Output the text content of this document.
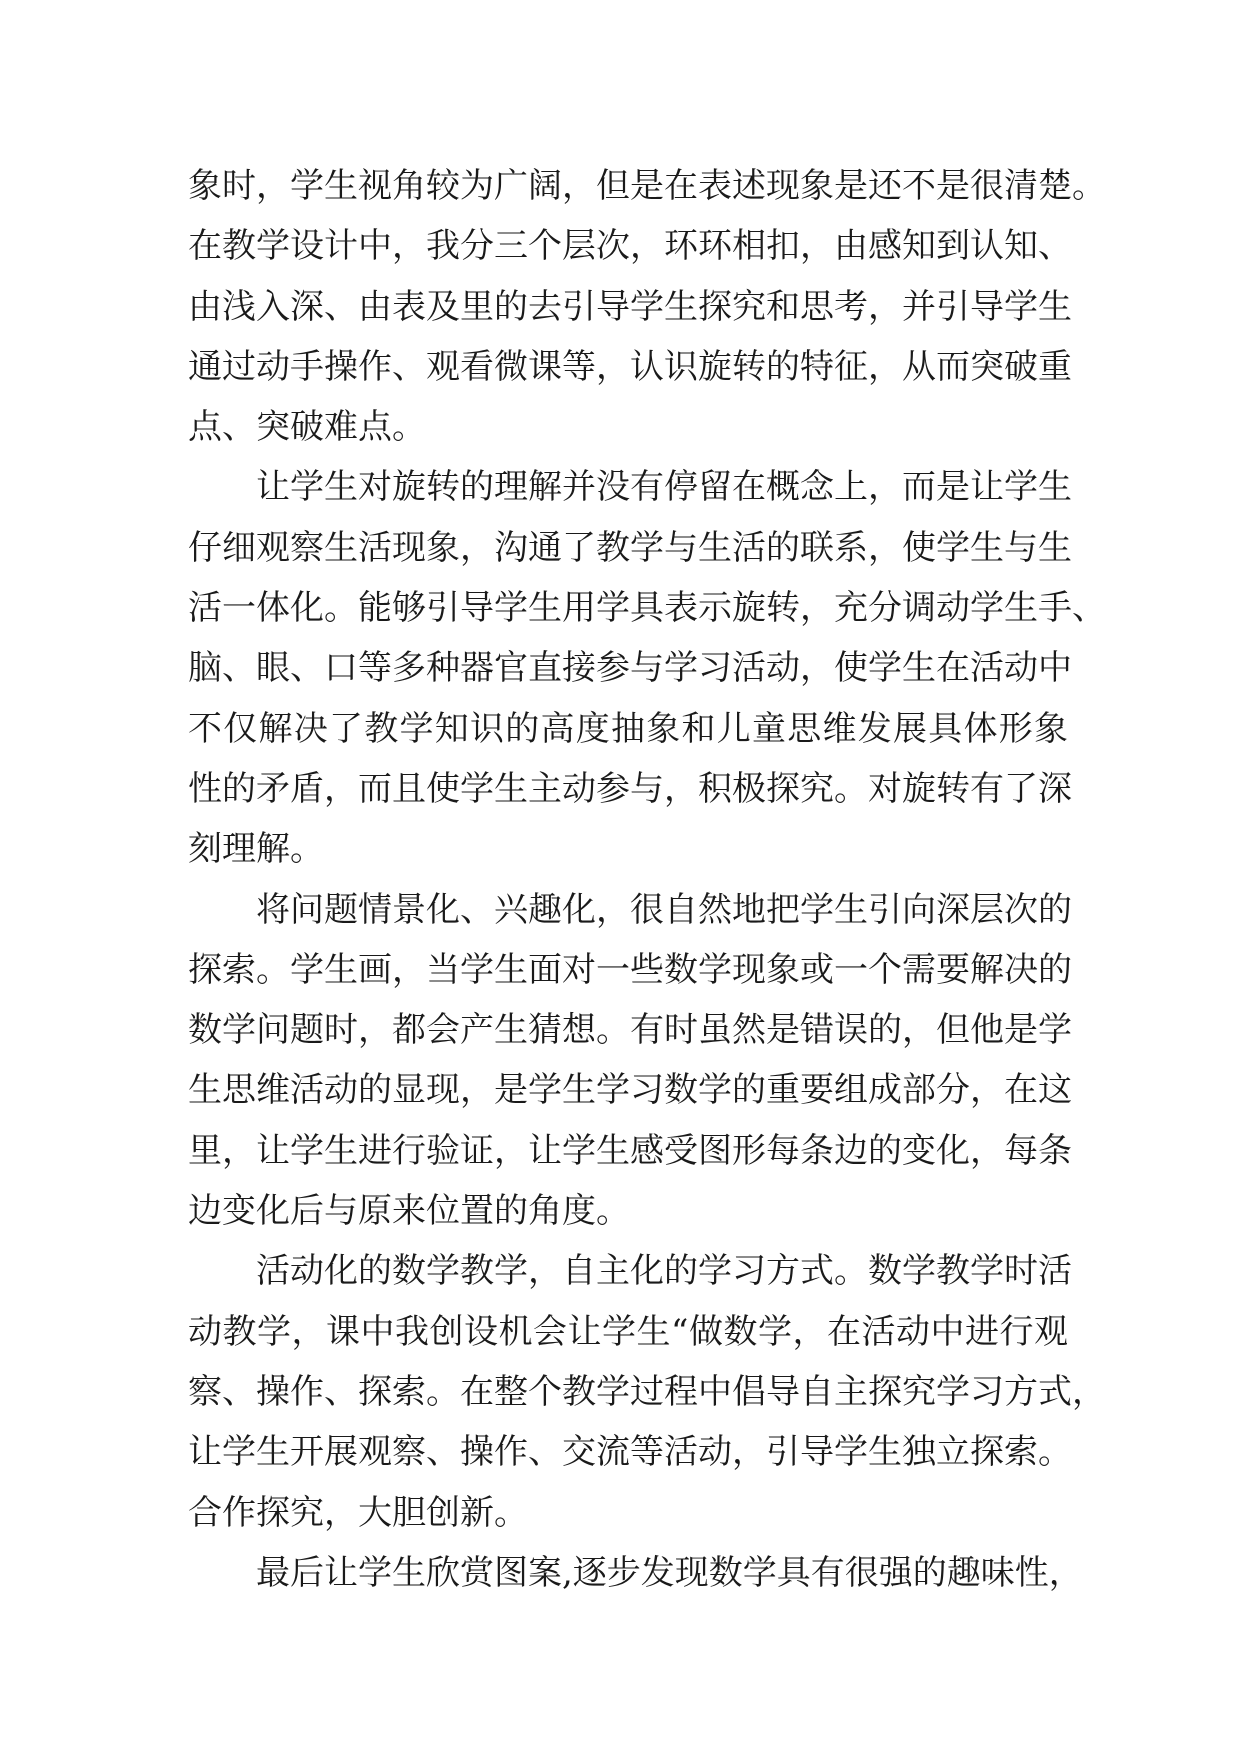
象时，学生视角较为广阔，但是在表述现象是还不是很清楚。
在教学设计中，我分三个层次，环环相扣，由感知到认知、
由浅入深、由表及里的去引导学生探究和思考，并引导学生
通过动手操作、观看微课等，认识旋转的特征，从而突破重
点、突破难点。
让学生对旋转的理解并没有停留在概念上，而是让学生
仔细观察生活现象，沟通了教学与生活的联系，使学生与生
活一体化。能够引导学生用学具表示旋转，充分调动学生手、
脑、眼、口等多种器官直接参与学习活动，使学生在活动中
不仅解决了教学知识的高度抽象和儿童思维发展具体形象
性的矛盾，而且使学生主动参与，积极探究。对旋转有了深
刻理解。
将问题情景化、兴趣化，很自然地把学生引向深层次的
探索。学生画，当学生面对一些数学现象或一个需要解决的
数学问题时，都会产生猜想。有时虽然是错误的，但他是学
生思维活动的显现，是学生学习数学的重要组成部分，在这
里，让学生进行验证，让学生感受图形每条边的变化，每条
边变化后与原来位置的角度。
活动化的数学教学，自主化的学习方式。数学教学时活
动教学，课中我创设机会让学生“做数学，在活动中进行观
察、操作、探索。在整个教学过程中倡导自主探究学习方式，
让学生开展观察、操作、交流等活动，引导学生独立探索。
合作探究，大胆创新。
最后让学生欣赏图案,逐步发现数学具有很强的趣味性，
